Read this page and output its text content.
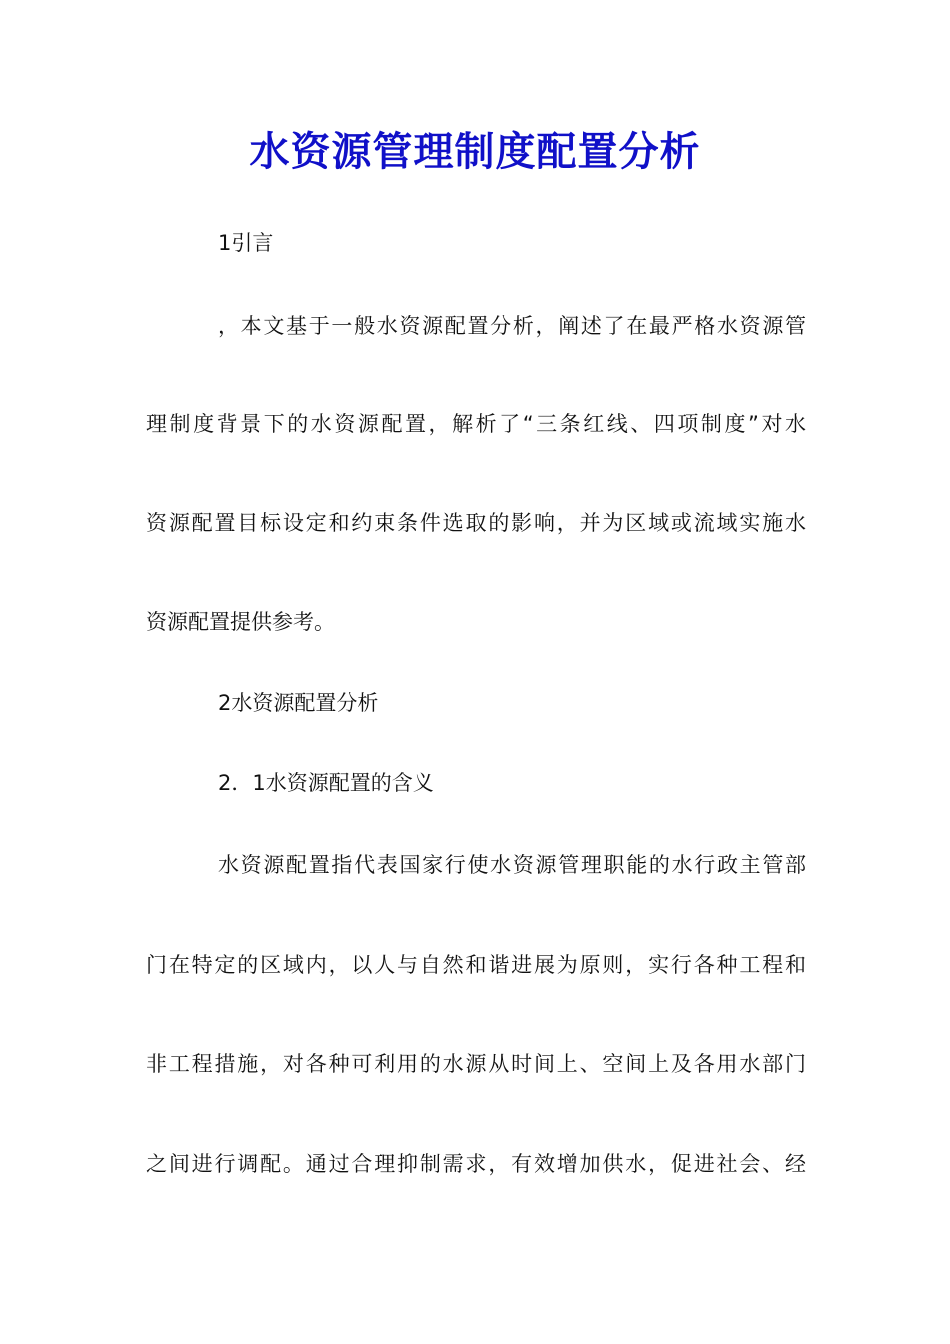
水资源管理制度配置分析
1引言
，本文基于一般水资源配置分析，阐述了在最严格水资源管
理制度背景下的水资源配置，解析了“三条红线、四项制度”对水
资源配置目标设定和约束条件选取的影响，并为区域或流域实施水
资源配置提供参考。
2水资源配置分析
2．1水资源配置的含义
水资源配置指代表国家行使水资源管理职能的水行政主管部
门在特定的区域内，以人与自然和谐进展为原则，实行各种工程和
非工程措施，对各种可利用的水源从时间上、空间上及各用水部门
之间进行调配。通过合理抑制需求，有效增加供水，促进社会、经
